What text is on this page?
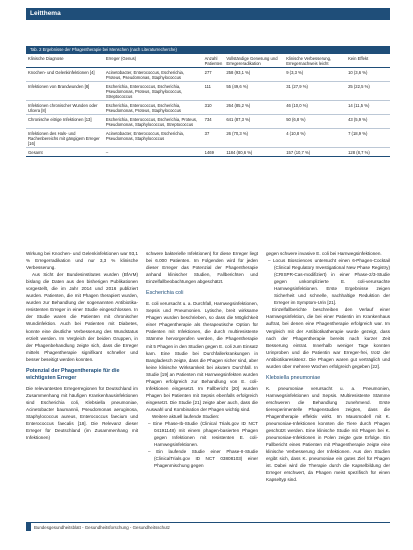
Leitthema
Tab. 2 Ergebnisse der Phagentherapie bei Menschen (nach Literaturrecherche)
Klinische Diagnose	Erreger (Genus)	Anzahl Patienten	Vollständige Genesung und Erregereradikation	Klinische Verbesserung, Erregernachweis leicht	Kein Effekt
Knochen- und Gelenkinfektionen [4]	Acinetobacter, Enterococcus, Escherichia, Proteus, Pseudomonas, Staphylococcus	277	258 (93,1 %)	9 (3,3 %)	10 (3,6 %)
Infektionen von Brandwunden [8]	Escherichia, Enterococcus, Escherichia, Pseudomonas, Proteus, Staphylococcus, Streptococcus	111	55 (49,6 %)	31 (27,9 %)	25 (22,5 %)
Infektionen chronischer Wunden oder Ulcera [8]	Escherichia, Enterococcus, Escherichia, Pseudomonas, Proteus, Staphylococcus	310	264 (85,2 %)	46 (10,0 %)	14 (11,5 %)
Chronische eitrige Infektionen [13]	Escherichia, Enterococcus, Escherichia, Proteus, Pseudomonas, Staphylococcus, Streptococcus	734	641 (87,3 %)	50 (6,8 %)	43 (5,9 %)
Infektionen des Hals- und Rachenbereichs mit gängigem Erreger [16]	Acinetobacter, Enterococcus, Escherichia, Pseudomonas, Staphylococcus	37	26 (70,3 %)	4 (10,8 %)	7 (18,9 %)
Gesamt	–	1469	1184 (80,6 %)	157 (10,7 %)	128 (8,7 %)

Wirkung bei Knochen- und Gelenkinfektionen war 93,1 % Erregerradikation und nur 3,3 % klinische Verbesserung.

Aus Sicht der Bundesinstitutes wurden (BfArM) bislang die Daten aus den bisherigen Publikationen vorgestellt, die im Jahr 2014 und 2016 publiziert wurden. Patienten, die mit Phagen therapiert wurden, wurden zur Behandlung der sogenannten Antibiotika-resistenten Erreger in einer Studie eingeschlossen. In der Studie waren die Patienten mit chronischer Wundinfektion. Auch bei Patienten mit Diabetes, konnte eine deutliche Verbesserung des Wundstatus erzielt werden. Im Vergleich der beiden Gruppen, in der Phagenbehandlung zeigte sich, dass die Erreger mittels Phagentherapie signifikant schneller und besser beseitigt werden konnten.

Potenzial der Phagentherapie für die wichtigsten Erreger

Die relevantesten Erregerregionen für Deutschland im Zusammenhang mit häufigen Krankenhausinfektionen sind Escherichia coli, Klebsiella pneumoniae, Acinetobacter baumannii, Pseudomonas aeruginosa, Staphylococcus aureus, Enterococcus faecium und Enterococcus faecalis [18]. Die Relevanz dieser Erreger für Deutschland (im Zusammenhang mit Infektionen)

schwere bakterielle Infektionen) für diese Erreger liegt bei 6.000 Patienten. Im Folgenden wird für jeden dieser Erreger das Potenzial der Phagentherapie anhand klinischer Studien, Fallberichten und Einzelfallbeobachtungen abgeschätzt.

Escherichia coli

E. coli verursacht u. a. Durchfall, Harnwegsinfektionen, Sepsis und Pneumonien. Lytische, breit wirksame Phagen wurden beschrieben, so dass die Möglichkeit einer Phagentherapie als therapeutische Option für Patienten mit Infektionen, die durch multiresistente Stämme hervorgerufen werden, die Phagentherapie mit 5 Phagen in den Studien gegen E. coli zum Einsatz kam. Eine Studie bei Durchfallerkrankungen in Bangladesch zeigte, dass die Phagen sicher sind, aber keine klinische Wirksamkeit bei akutem Durchfall. In Studie [19] an Patienten mit Harnwegsinfekten wurden Phagen erfolgreich zur Behandlung von E. coli-Infektionen eingesetzt. Im Fallbericht [20] wurden Phagen bei Patienten mit Sepsis ebenfalls erfolgreich eingesetzt. Die Studie [21] zeigte aber auch, dass die Auswahl und Kombination der Phagen wichtig sind.

Weitere aktuell laufende Studien:

– Eine Phase-Ib-Studie (Clinical Trials.gov ID NCT 04191148) mit einem phagen-basierten Phagen gegen Infektionen mit resistenten E. coli-Harnwegsinfektionen.

– Ein laufende Studie einer Phase-II-Studie (ClinicalTrials.gov ID NCT 03808103) einer Phagenmischung gegen

gegen schwere invasive E. coli bei Harnwegsinfektionen.

– Locus Biosciences untersucht einen 6-Phagen-Cocktail (Clinical Regulatory Investigational New Phase Registry) (CRISPR-Cas-modifiziert) in einer Phase-2/3-Studie gegen unkomplizierte E. coli-verursachte Harnwegsinfektionen. Erste Ergebnisse zeigen Sicherheit und schnelle, nachhaltige Reduktion der Erreger im Symptom-Urin [21].

Einzelfallberichte beschreiben den Verlauf einer Harnwegsinfektion, die bei einer Patientin im Krankenhaus auftrat, bei denen eine Phagentherapie erfolgreich war. Im Vergleich mit der Antibiotikatherapie wurde gezeigt, dass nach der Phagentherapie bereits nach kurzer Zeit Besserung eintrat. Innerhalb weniger Tage konnten Urinproben und die Patientin war Erreger-frei, trotz der Antibiotikaresistenz. Die Phagen waren gut verträglich und wurden über mehrere Wochen erfolgreich gegeben [22].

Klebsiella pneumoniae

K. pneumoniae verursacht u. a. Pneumonien, Harnwegsinfektionen und Sepsis. Multiresistente Stämme erschweren die Behandlung zunehmend. Erste tierexperimentelle Phagenstudien zeigten, dass die Phagentherapie effektiv wirkt. Im Mausmodell mit K. pneumoniae-Infektionen konnten die Tiere durch Phagen geschützt werden. Eine klinische Studie mit Phagen bei K. pneumoniae-Infektionen in Polen zeigte gute Erfolge. Ein Fallbericht eines Patienten mit Phagentherapie zeigte eine klinische Verbesserung der Infektionen. Aus den Studien ergibt sich, dass K. pneumoniae ein gutes Ziel für Phagen ist. Dabei wird die Therapie durch die Kapselbildung der Erreger erschwert, da Phagen meist spezifisch für einen Kapseltyp sind.

Bundesgesundheitsblatt - Gesundheitsforschung - Gesundheitsschutz
